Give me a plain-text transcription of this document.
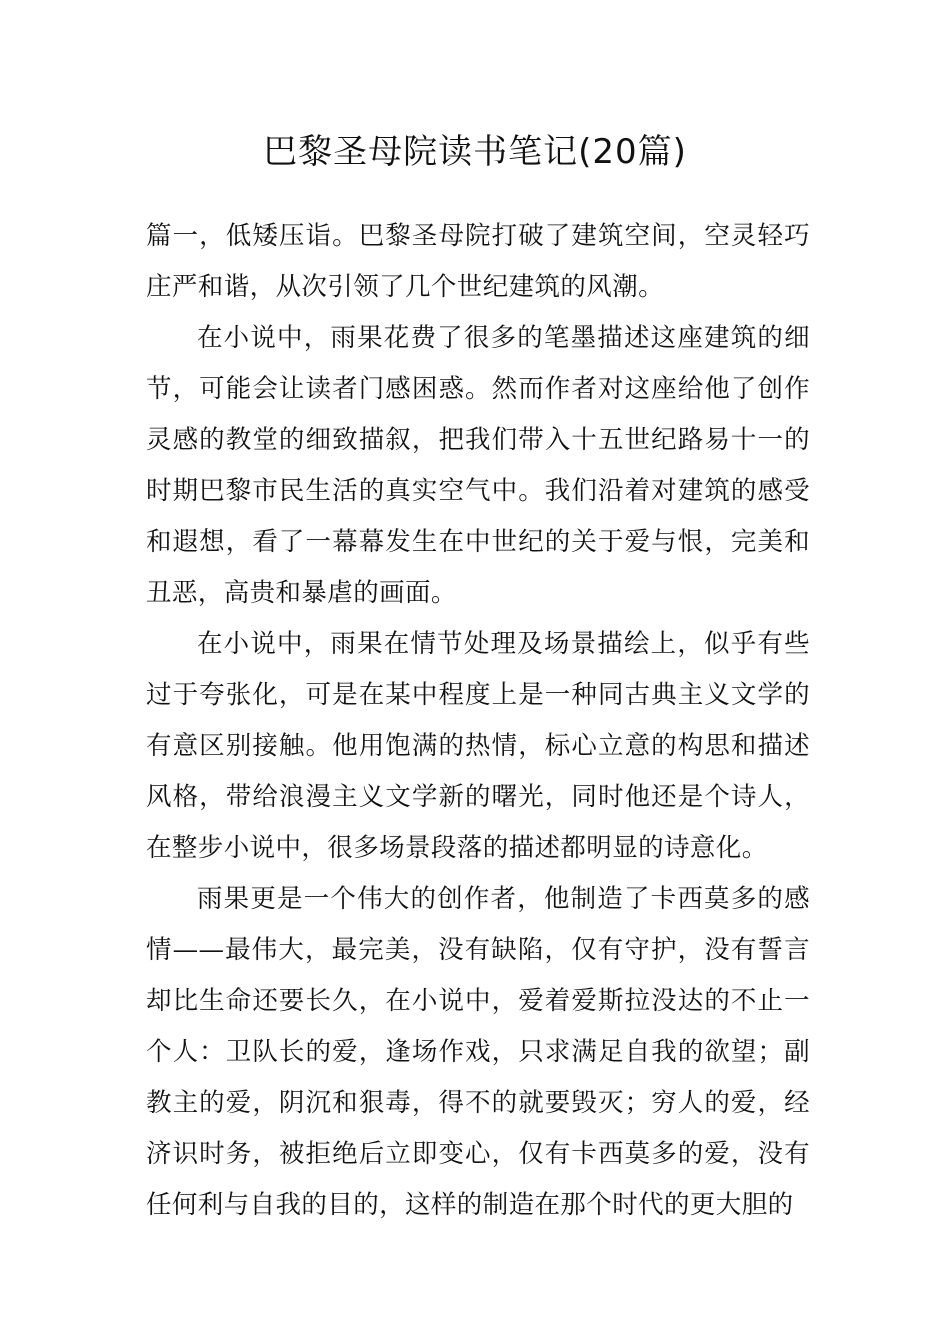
巴黎圣母院读书笔记(20篇)

篇一，低矮压诣。巴黎圣母院打破了建筑空间，空灵轻巧庄严和谐，从次引领了几个世纪建筑的风潮。

在小说中，雨果花费了很多的笔墨描述这座建筑的细节，可能会让读者门感困惑。然而作者对这座给他了创作灵感的教堂的细致描叙，把我们带入十五世纪路易十一的时期巴黎市民生活的真实空气中。我们沿着对建筑的感受和遐想，看了一幕幕发生在中世纪的关于爱与恨，完美和丑恶，高贵和暴虐的画面。

在小说中，雨果在情节处理及场景描绘上，似乎有些过于夸张化，可是在某中程度上是一种同古典主义文学的有意区别接触。他用饱满的热情，标心立意的构思和描述风格，带给浪漫主义文学新的曙光，同时他还是个诗人，在整步小说中，很多场景段落的描述都明显的诗意化。

雨果更是一个伟大的创作者，他制造了卡西莫多的感情——最伟大，最完美，没有缺陷，仅有守护，没有誓言却比生命还要长久，在小说中，爱着爱斯拉没达的不止一个人：卫队长的爱，逢场作戏，只求满足自我的欲望；副教主的爱，阴沉和狠毒，得不的就要毁灭；穷人的爱，经济识时务，被拒绝后立即变心，仅有卡西莫多的爱，没有任何利与自我的目的，这样的制造在那个时代的更大胆的
